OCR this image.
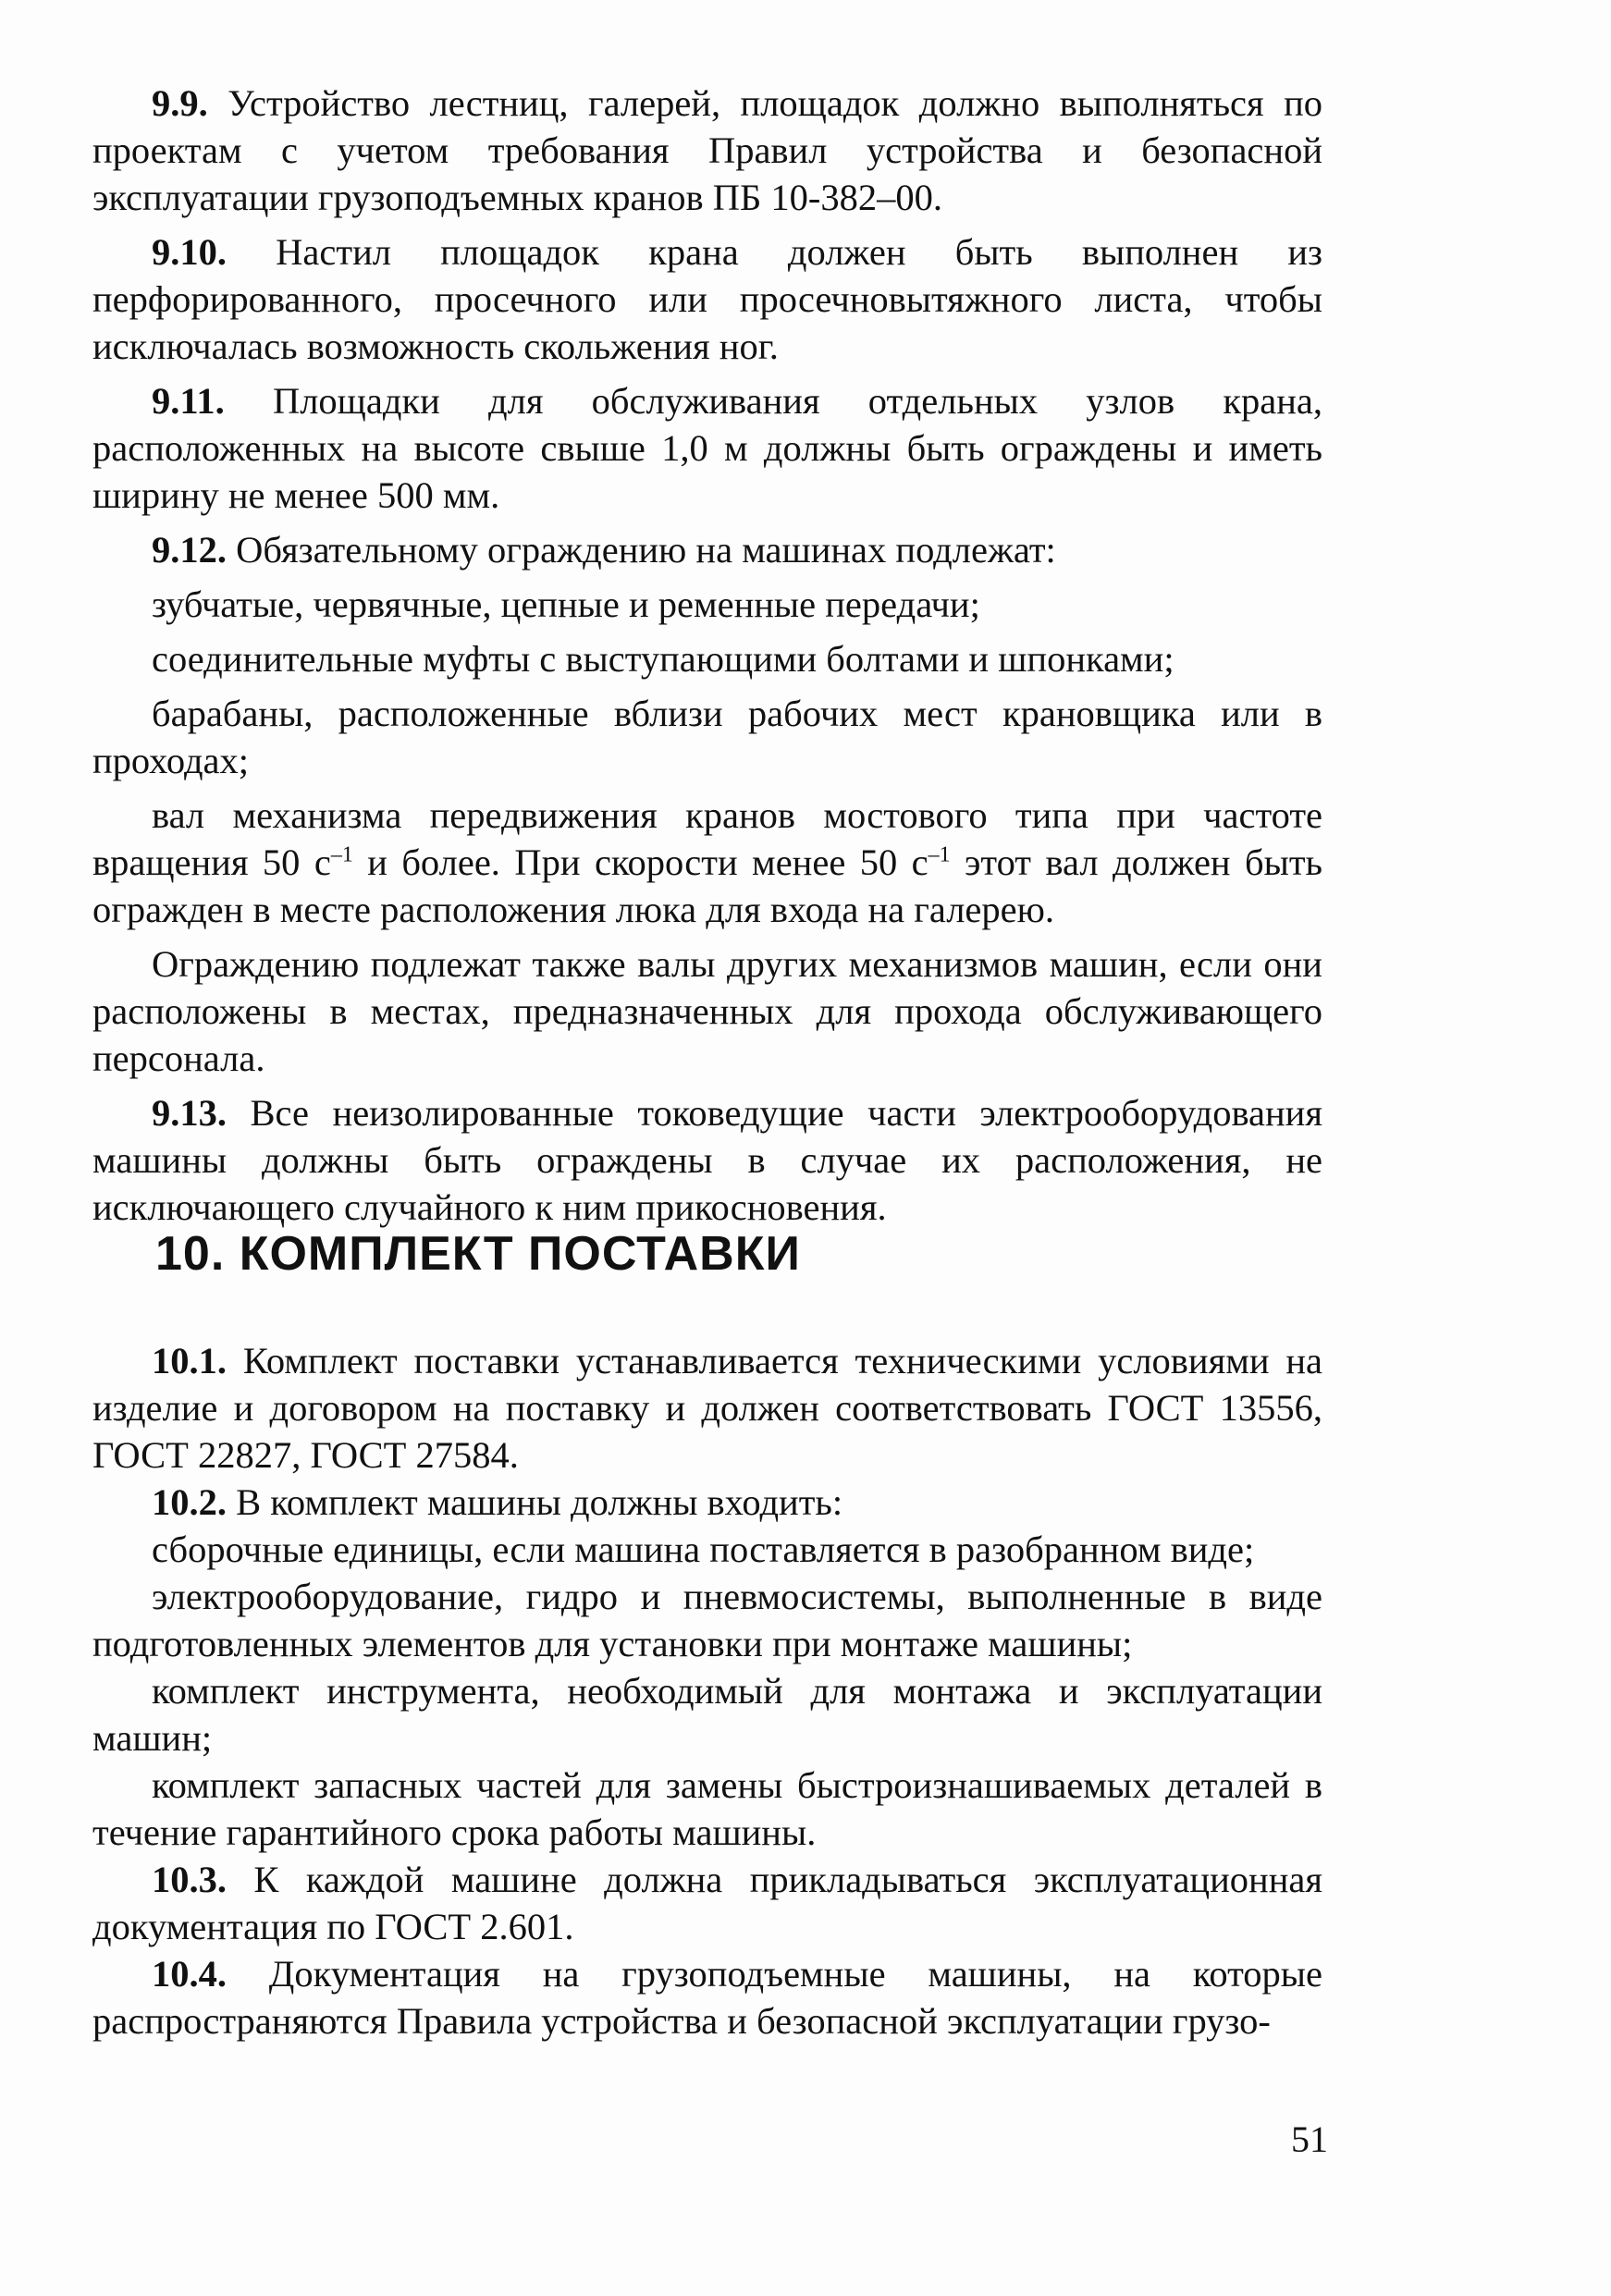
9.9. Устройство лестниц, галерей, площадок должно выполняться по проектам с учетом требования Правил устройства и безопасной эксплуатации грузоподъемных кранов ПБ 10-382–00.

9.10. Настил площадок крана должен быть выполнен из перфорированного, просечного или просечновытяжного листа, чтобы исключалась возможность скольжения ног.

9.11. Площадки для обслуживания отдельных узлов крана, расположенных на высоте свыше 1,0 м должны быть ограждены и иметь ширину не менее 500 мм.

9.12. Обязательному ограждению на машинах подлежат:

зубчатые, червячные, цепные и ременные передачи;

соединительные муфты с выступающими болтами и шпонками;

барабаны, расположенные вблизи рабочих мест крановщика или в проходах;

вал механизма передвижения кранов мостового типа при частоте вращения 50 $с^{-1}$ и более. При скорости менее 50 $с^{-1}$ этот вал должен быть огражден в месте расположения люка для входа на галерею.

Ограждению подлежат также валы других механизмов машин, если они расположены в местах, предназначенных для прохода обслуживающего персонала.

9.13. Все неизолированные токоведущие части электрооборудования машины должны быть ограждены в случае их расположения, не исключающего случайного к ним прикосновения.

10. КОМПЛЕКТ ПОСТАВКИ

10.1. Комплект поставки устанавливается техническими условиями на изделие и договором на поставку и должен соответствовать ГОСТ 13556, ГОСТ 22827, ГОСТ 27584.

10.2. В комплект машины должны входить:

сборочные единицы, если машина поставляется в разобранном виде;

электрооборудование, гидро и пневмосистемы, выполненные в виде подготовленных элементов для установки при монтаже машины;

комплект инструмента, необходимый для монтажа и эксплуатации машин;

комплект запасных частей для замены быстроизнашиваемых деталей в течение гарантийного срока работы машины.

10.3. К каждой машине должна прикладываться эксплуатационная документация по ГОСТ 2.601.

10.4. Документация на грузоподъемные машины, на которые распространяются Правила устройства и безопасной эксплуатации грузо-

51
